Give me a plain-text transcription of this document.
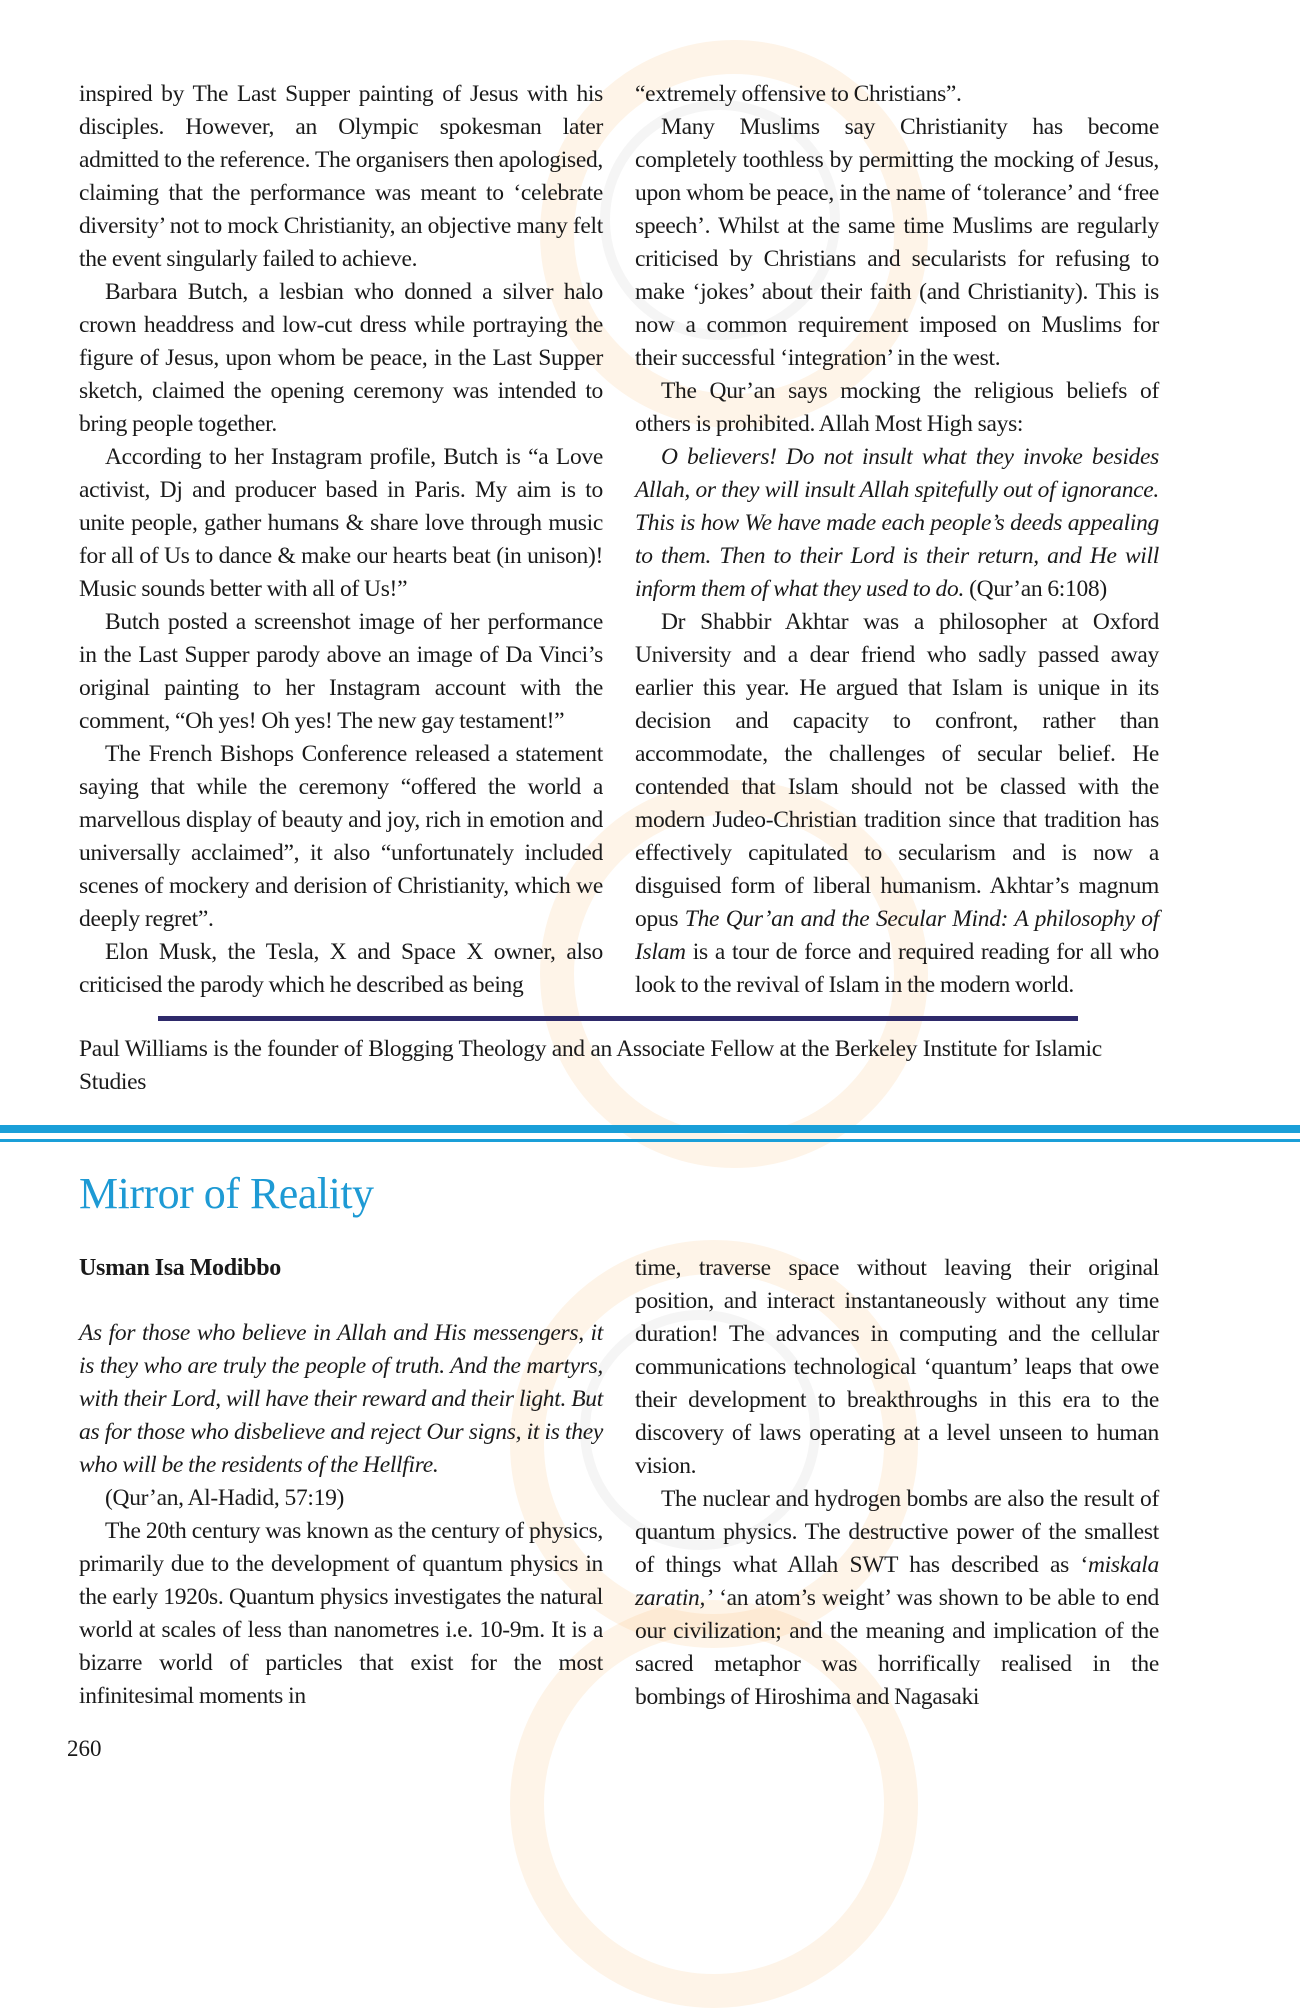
inspired by The Last Supper painting of Jesus with his disciples. However, an Olympic spokesman later admitted to the reference. The organisers then apologised, claiming that the performance was meant to ‘celebrate diversity’ not to mock Christianity, an objective many felt the event singularly failed to achieve.

Barbara Butch, a lesbian who donned a silver halo crown headdress and low-cut dress while portraying the figure of Jesus, upon whom be peace, in the Last Supper sketch, claimed the opening ceremony was intended to bring people together.

According to her Instagram profile, Butch is “a Love activist, Dj and producer based in Paris. My aim is to unite people, gather humans & share love through music for all of Us to dance & make our hearts beat (in unison)! Music sounds better with all of Us!”

Butch posted a screenshot image of her performance in the Last Supper parody above an image of Da Vinci’s original painting to her Instagram account with the comment, “Oh yes! Oh yes! The new gay testament!”

The French Bishops Conference released a statement saying that while the ceremony “offered the world a marvellous display of beauty and joy, rich in emotion and universally acclaimed”, it also “unfortunately included scenes of mockery and derision of Christianity, which we deeply regret”.

Elon Musk, the Tesla, X and Space X owner, also criticised the parody which he described as being

“extremely offensive to Christians”.

Many Muslims say Christianity has become completely toothless by permitting the mocking of Jesus, upon whom be peace, in the name of ‘tolerance’ and ‘free speech’. Whilst at the same time Muslims are regularly criticised by Christians and secularists for refusing to make ‘jokes’ about their faith (and Christianity). This is now a common requirement imposed on Muslims for their successful ‘integration’ in the west.

The Qur’an says mocking the religious beliefs of others is prohibited. Allah Most High says:

O believers! Do not insult what they invoke besides Allah, or they will insult Allah spitefully out of ignorance. This is how We have made each people’s deeds appealing to them. Then to their Lord is their return, and He will inform them of what they used to do. (Qur’an 6:108)

Dr Shabbir Akhtar was a philosopher at Oxford University and a dear friend who sadly passed away earlier this year. He argued that Islam is unique in its decision and capacity to confront, rather than accommodate, the challenges of secular belief. He contended that Islam should not be classed with the modern Judeo-Christian tradition since that tradition has effectively capitulated to secularism and is now a disguised form of liberal humanism. Akhtar’s magnum opus The Qur’an and the Secular Mind: A philosophy of Islam is a tour de force and required reading for all who look to the revival of Islam in the modern world.

Paul Williams is the founder of Blogging Theology and an Associate Fellow at the Berkeley Institute for Islamic Studies
Mirror of Reality
Usman Isa Modibbo

As for those who believe in Allah and His messengers, it is they who are truly the people of truth. And the martyrs, with their Lord, will have their reward and their light. But as for those who disbelieve and reject Our signs, it is they who will be the residents of the Hellfire.

(Qur’an, Al-Hadid, 57:19)

The 20th century was known as the century of physics, primarily due to the development of quantum physics in the early 1920s. Quantum physics investigates the natural world at scales of less than nanometres i.e. 10-9m. It is a bizarre world of particles that exist for the most infinitesimal moments in

time, traverse space without leaving their original position, and interact instantaneously without any time duration! The advances in computing and the cellular communications technological ‘quantum’ leaps that owe their development to breakthroughs in this era to the discovery of laws operating at a level unseen to human vision.

The nuclear and hydrogen bombs are also the result of quantum physics. The destructive power of the smallest of things what Allah SWT has described as ‘miskala zaratin,’ ‘an atom’s weight’ was shown to be able to end our civilization; and the meaning and implication of the sacred metaphor was horrifically realised in the bombings of Hiroshima and Nagasaki

260
